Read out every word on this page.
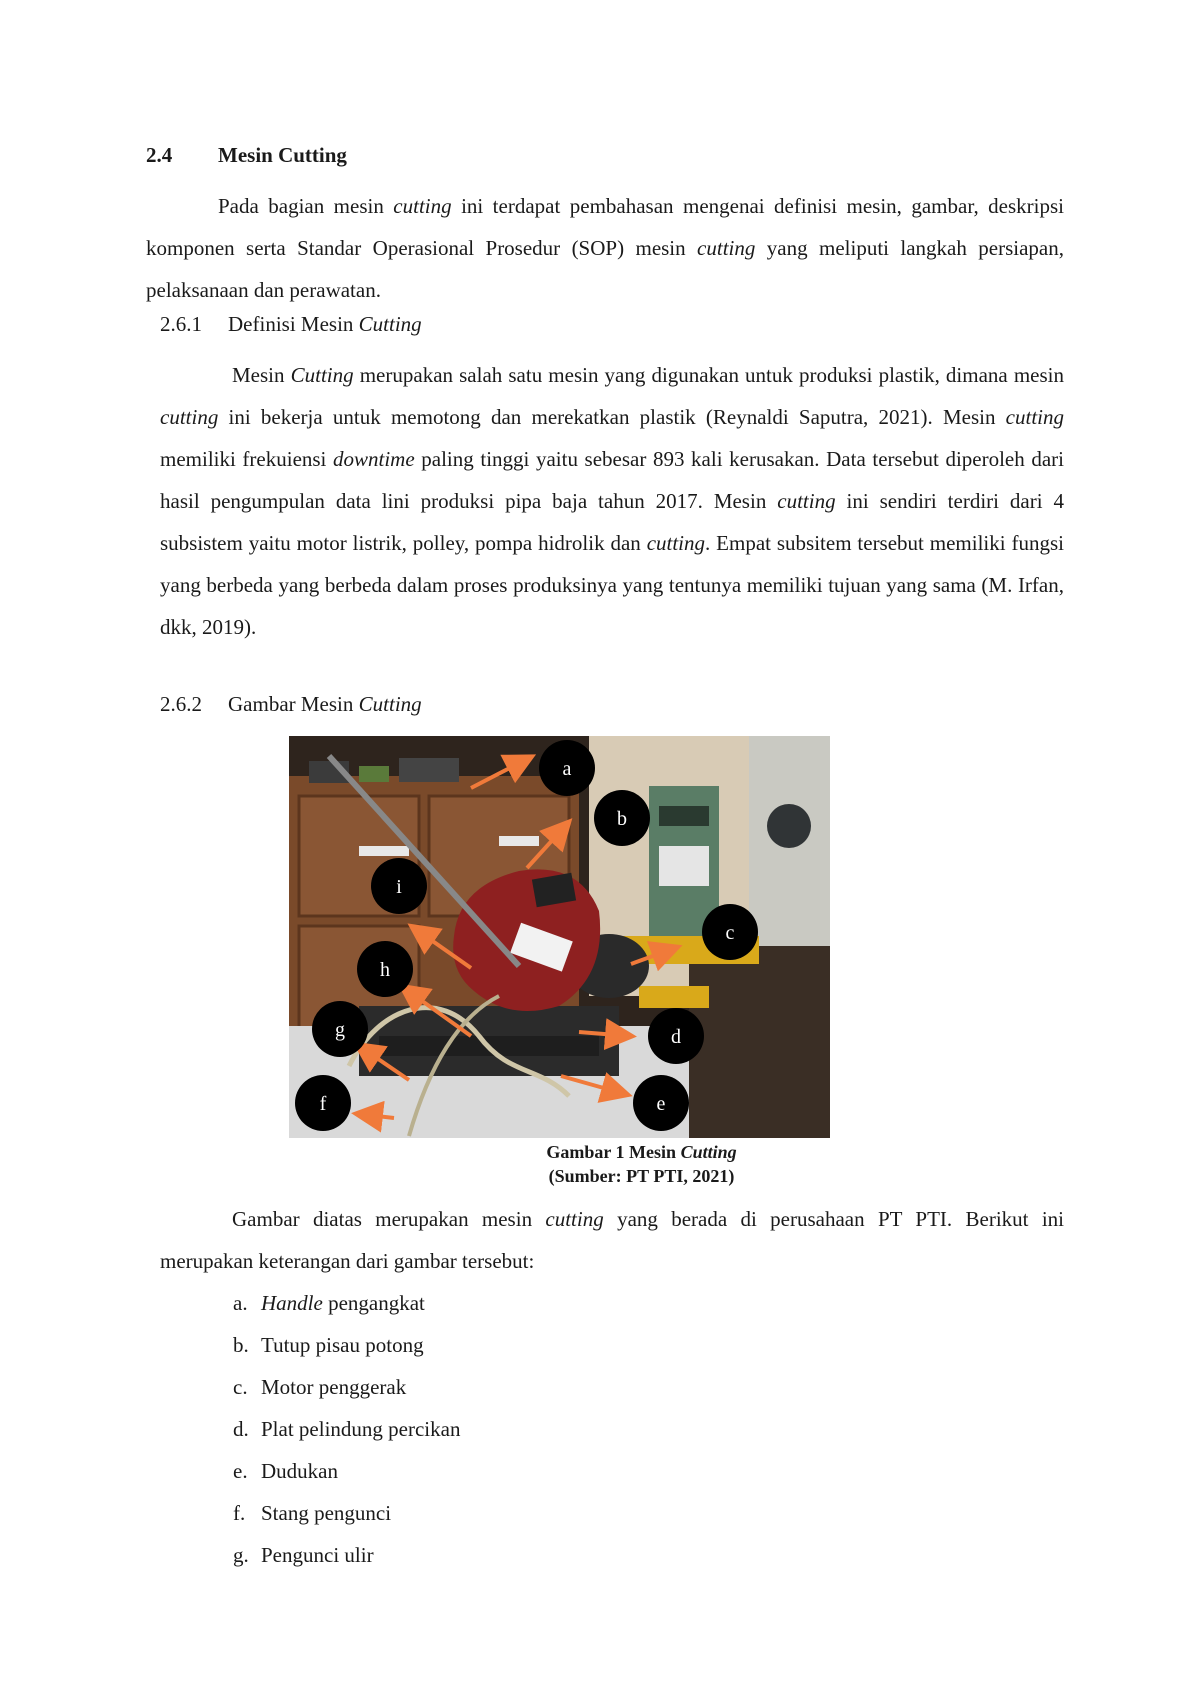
2.4 Mesin Cutting
Pada bagian mesin cutting ini terdapat pembahasan mengenai definisi mesin, gambar, deskripsi komponen serta Standar Operasional Prosedur (SOP) mesin cutting yang meliputi langkah persiapan, pelaksanaan dan perawatan.
2.6.1 Definisi Mesin Cutting
Mesin Cutting merupakan salah satu mesin yang digunakan untuk produksi plastik, dimana mesin cutting ini bekerja untuk memotong dan merekatkan plastik (Reynaldi Saputra, 2021). Mesin cutting memiliki frekuiensi downtime paling tinggi yaitu sebesar 893 kali kerusakan. Data tersebut diperoleh dari hasil pengumpulan data lini produksi pipa baja tahun 2017. Mesin cutting ini sendiri terdiri dari 4 subsistem yaitu motor listrik, polley, pompa hidrolik dan cutting. Empat subsitem tersebut memiliki fungsi yang berbeda yang berbeda dalam proses produksinya yang tentunya memiliki tujuan yang sama (M. Irfan, dkk, 2019).
2.6.2 Gambar Mesin Cutting
a
b
c
d
e
f
g
h
i
Gambar 1 Mesin Cutting
(Sumber: PT PTI, 2021)
Gambar diatas merupakan mesin cutting yang berada di perusahaan PT PTI. Berikut ini merupakan keterangan dari gambar tersebut:
a. Handle pengangkat
b. Tutup pisau potong
c. Motor penggerak
d. Plat pelindung percikan
e. Dudukan
f. Stang pengunci
g. Pengunci ulir
